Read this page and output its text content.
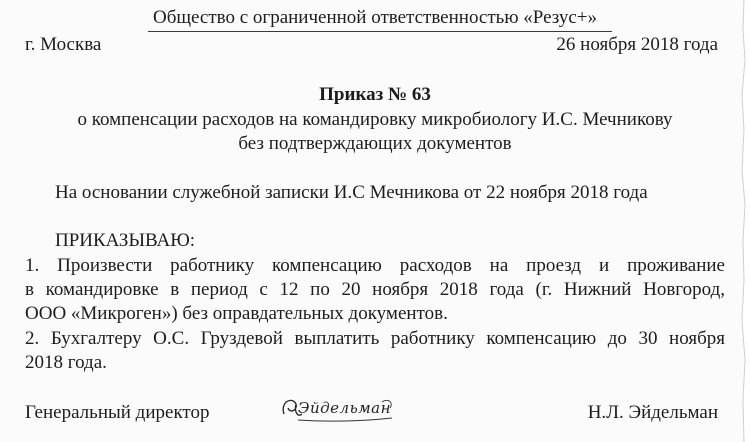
Общество с ограниченной ответственностью «Резус+»
г. Москва	26 ноября 2018 года
Приказ № 63
о компенсации расходов на командировку микробиологу И.С. Мечникову
без подтверждающих документов
На основании служебной записки И.С Мечникова от 22 ноября 2018 года
ПРИКАЗЫВАЮ:
1. Произвести работнику компенсацию расходов на проезд и проживание
в командировке в период с 12 по 20 ноября 2018 года (г. Нижний Новгород,
ООО «Микроген») без оправдательных документов.
2. Бухгалтеру О.С. Груздевой выплатить работнику компенсацию до 30 ноября
2018 года.
Генеральный директор	Эйдельман	Н.Л. Эйдельман
